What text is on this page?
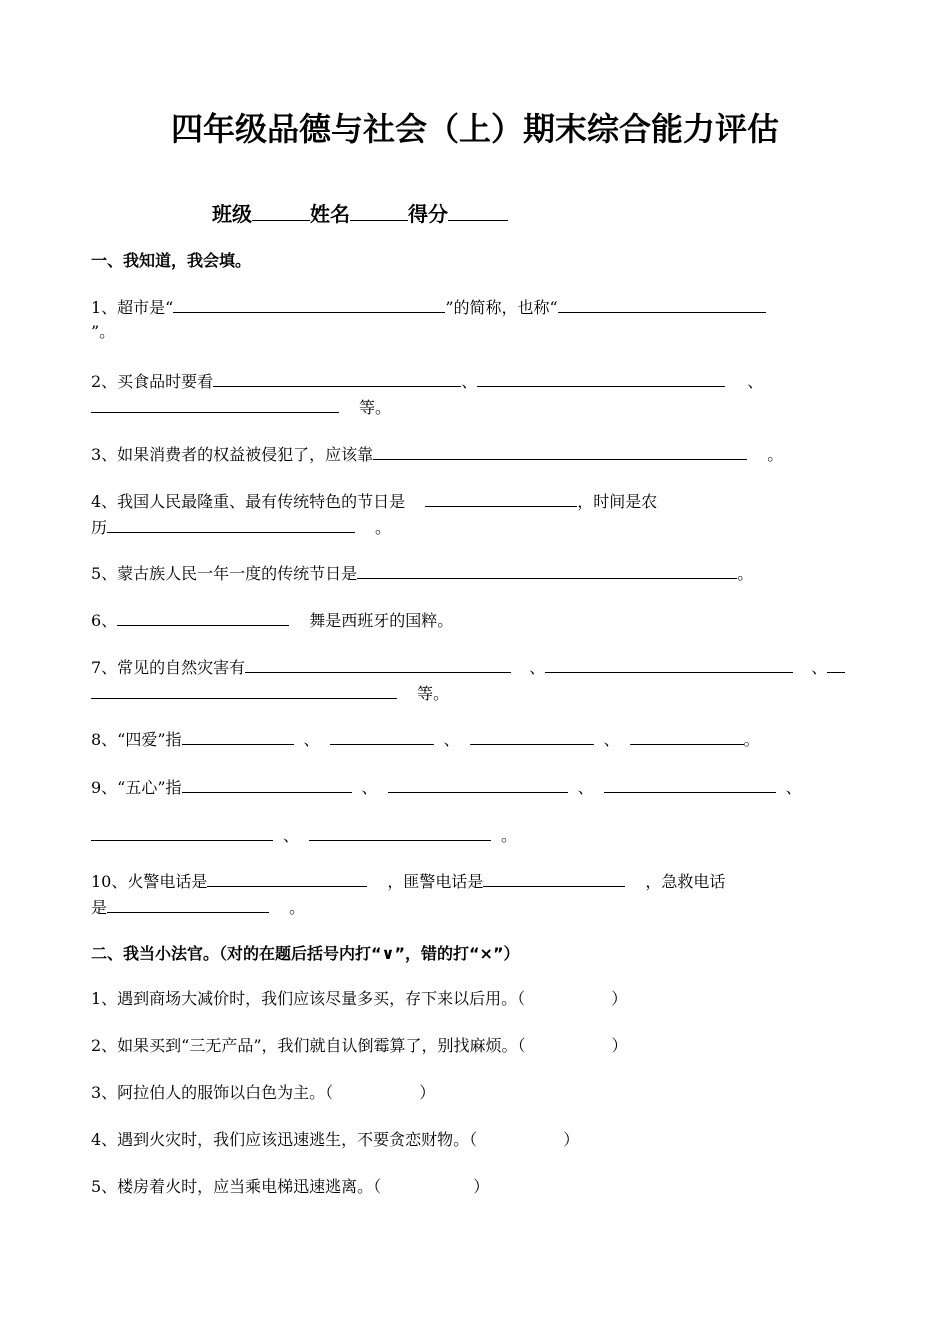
四年级品德与社会（上）期末综合能力评估
班级	姓名	得分
一、我知道，我会填。
1、超市是“	”的简称，也称“
”。
2、买食品时要看	、	、
等。
3、如果消费者的权益被侵犯了，应该靠	。
4、我国人民最隆重、最有传统特色的节日是	，时间是农
历	。
5、蒙古族人民一年一度的传统节日是	。
6、	舞是西班牙的国粹。
7、常见的自然灾害有	、	、
等。
8、“四爱”指	、	、	、	。
9、“五心”指	、	、	、
、	。
10、火警电话是	，匪警电话是	，急救电话
是	。
二、我当小法官。（对的在题后括号内打“∨”，错的打“×”）
1、遇到商场大减价时，我们应该尽量多买，存下来以后用。（	）
2、如果买到“三无产品”，我们就自认倒霉算了，别找麻烦。（	）
3、阿拉伯人的服饰以白色为主。（	）
4、遇到火灾时，我们应该迅速逃生，不要贪恋财物。（	）
5、楼房着火时，应当乘电梯迅速逃离。（	）
